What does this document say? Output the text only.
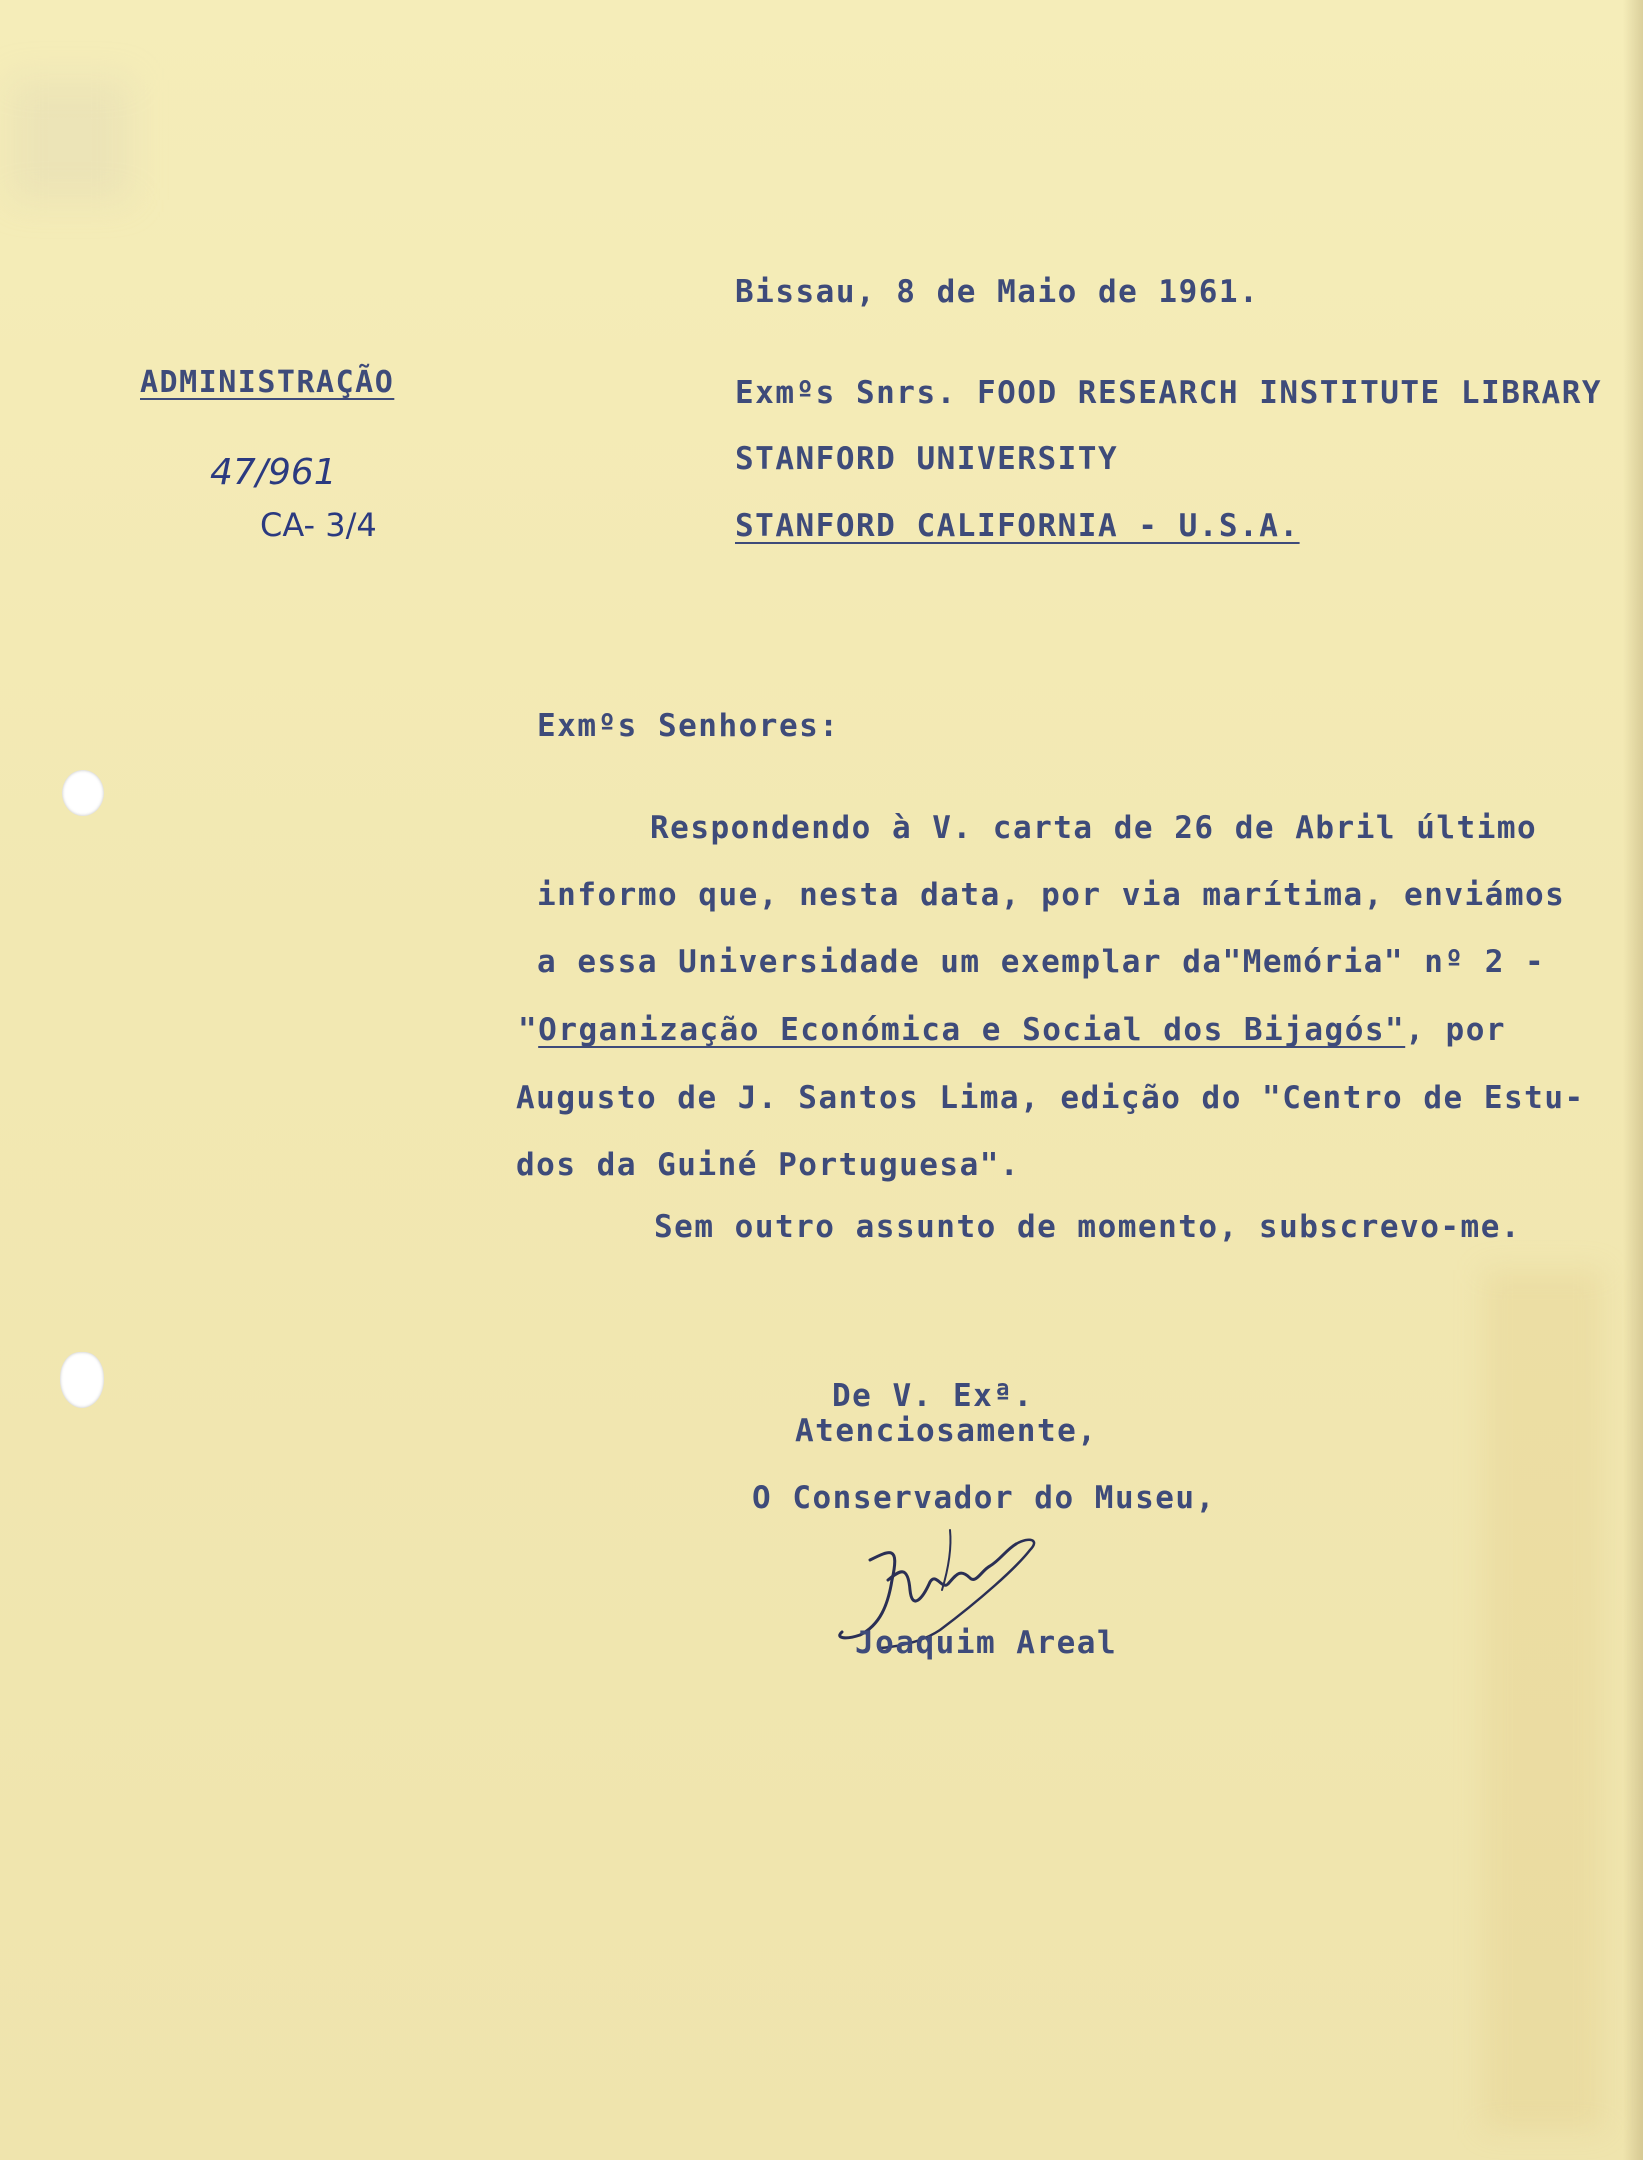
Bissau, 8 de Maio de 1961.
ADMINISTRAÇÃO
47/961
CA- 3/4
Exmºs Snrs. FOOD RESEARCH INSTITUTE LIBRARY
STANFORD UNIVERSITY
STANFORD CALIFORNIA - U.S.A.
Exmºs Senhores:
Respondendo à V. carta de 26 de Abril último
informo que, nesta data, por via marítima, enviámos
a essa Universidade um exemplar da"Memória" nº 2 -
"Organização Económica e Social dos Bijagós", por
Augusto de J. Santos Lima, edição do "Centro de Estu-
dos da Guiné Portuguesa".
Sem outro assunto de momento, subscrevo-me.
De V. Exª.
Atenciosamente,
O Conservador do Museu,
Joaquim Areal
